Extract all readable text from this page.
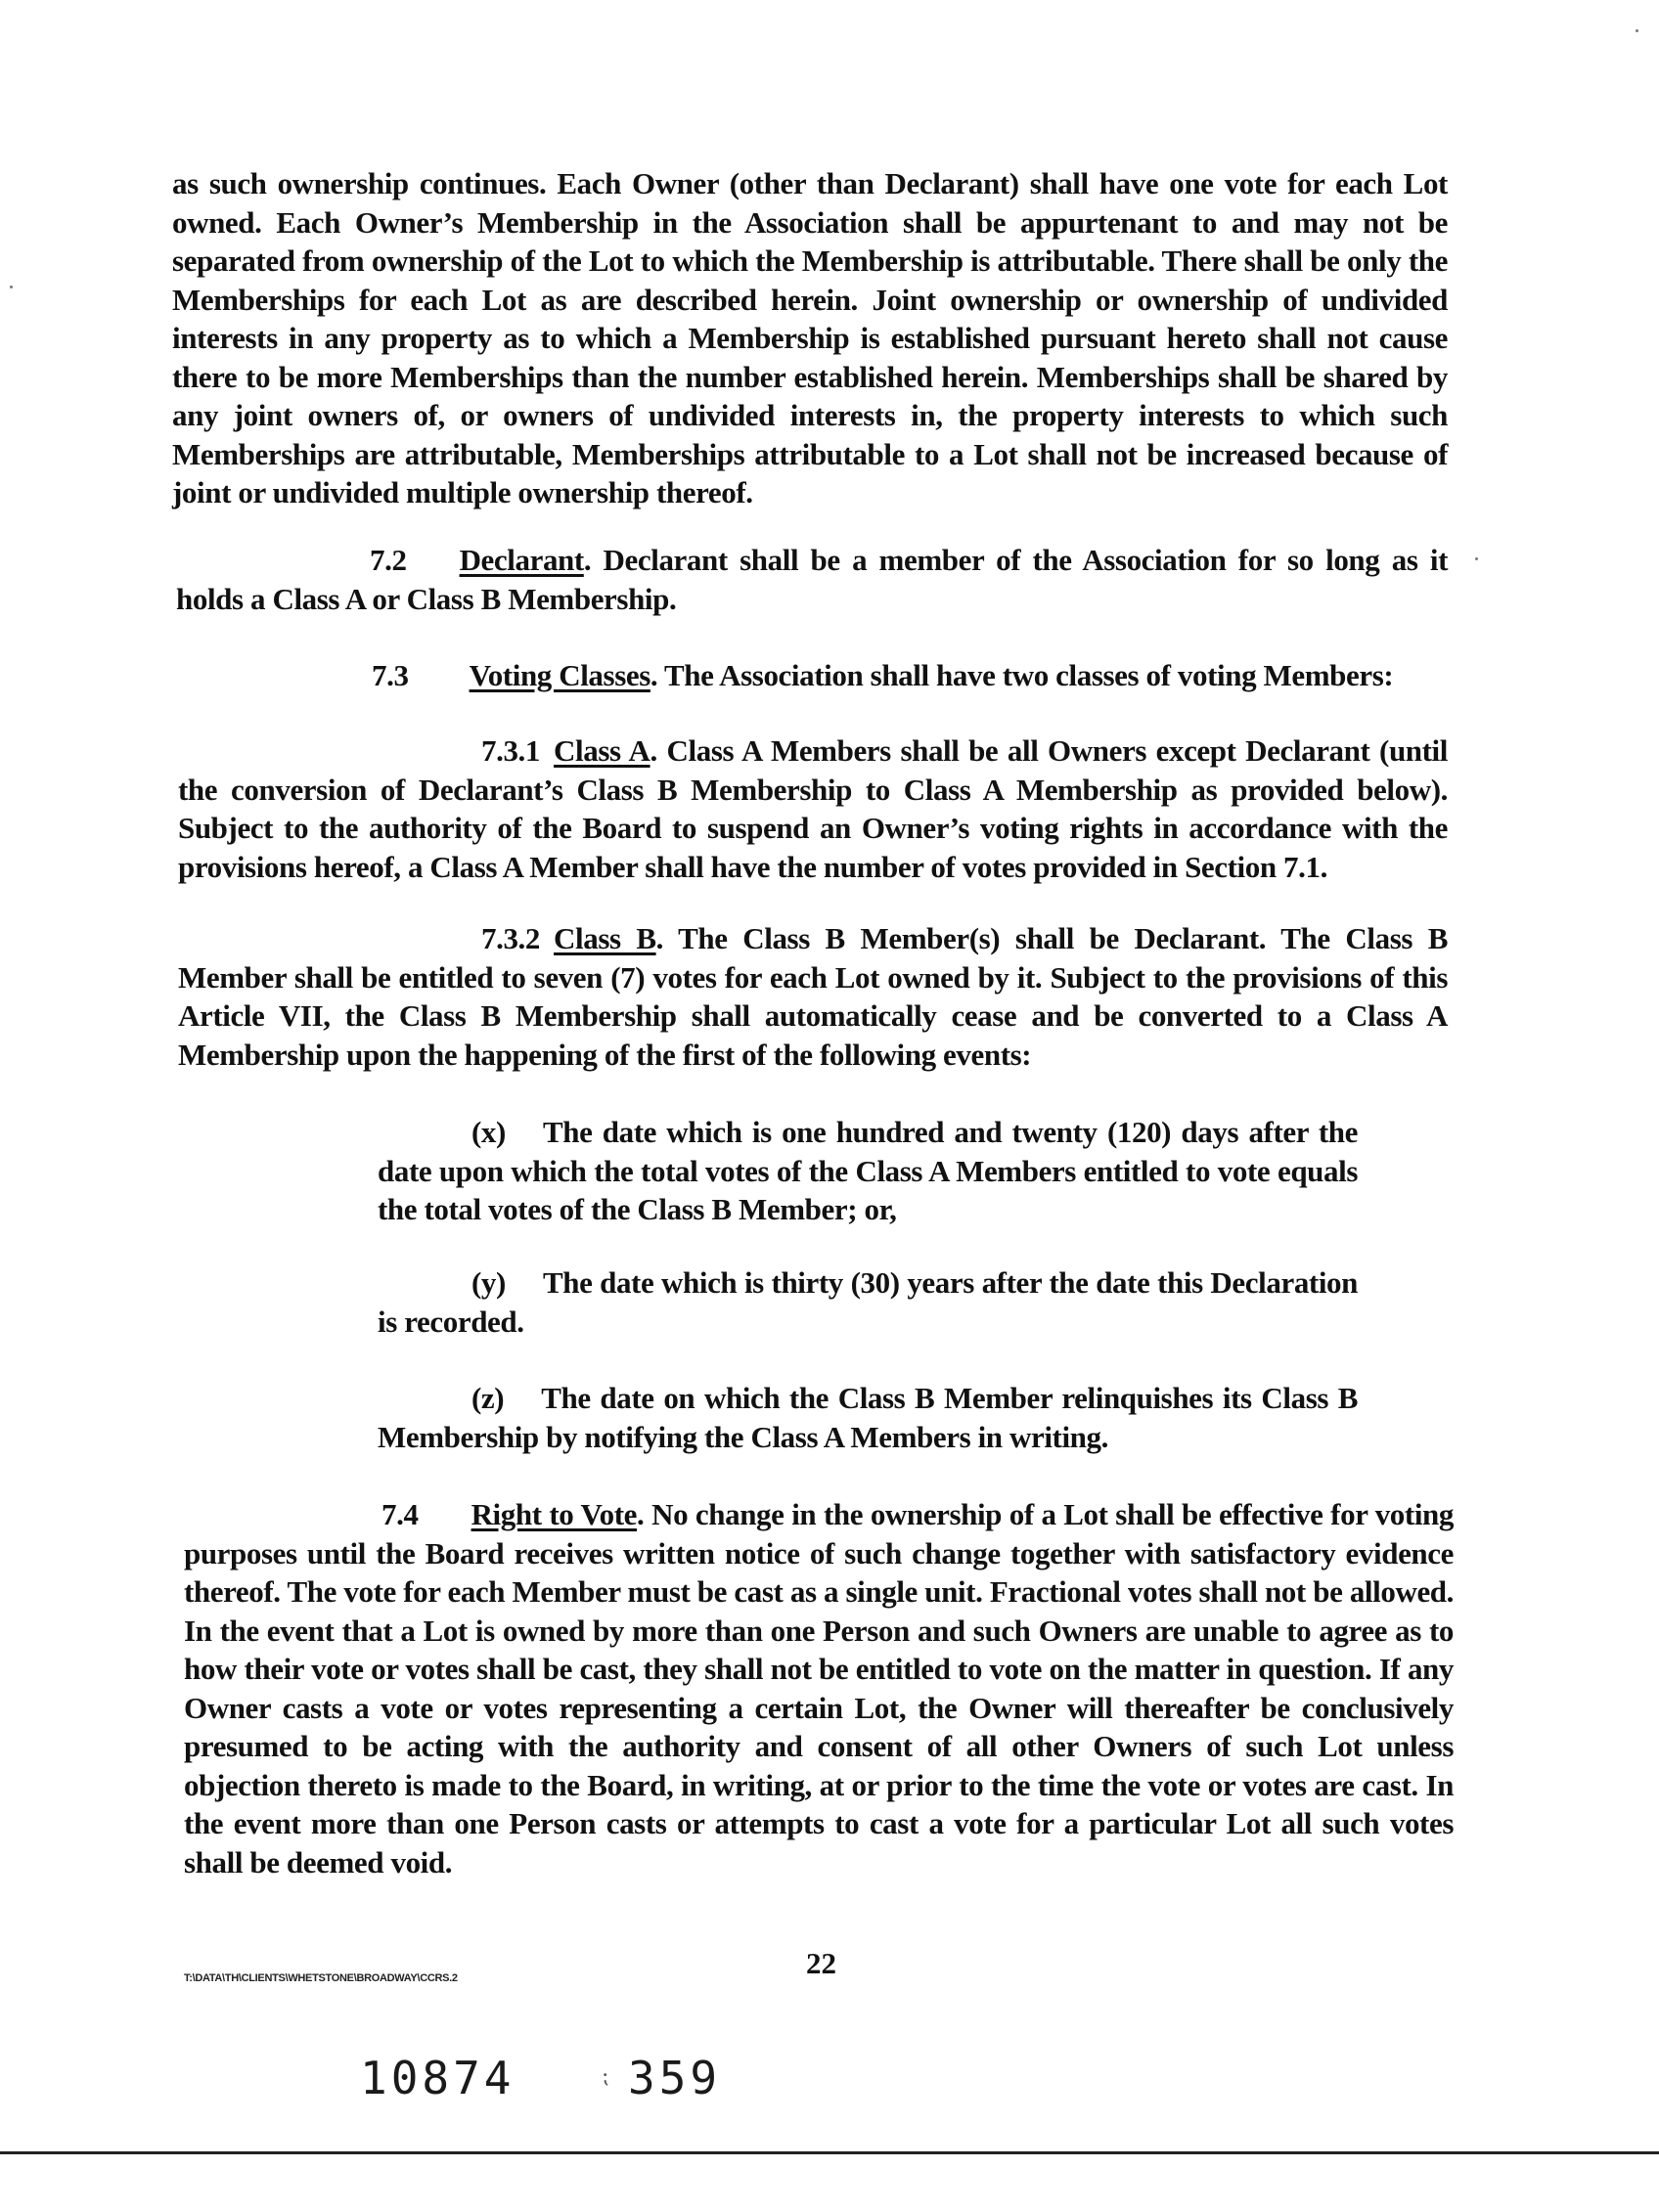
as such ownership continues. Each Owner (other than Declarant) shall have one vote for each Lot owned. Each Owner’s Membership in the Association shall be appurtenant to and may not be separated from ownership of the Lot to which the Membership is attributable. There shall be only the Memberships for each Lot as are described herein. Joint ownership or ownership of undivided interests in any property as to which a Membership is established pursuant hereto shall not cause there to be more Memberships than the number established herein. Memberships shall be shared by any joint owners of, or owners of undivided interests in, the property interests to which such Memberships are attributable, Memberships attributable to a Lot shall not be increased because of joint or undivided multiple ownership thereof.

7.2 Declarant. Declarant shall be a member of the Association for so long as it holds a Class A or Class B Membership.

7.3 Voting Classes. The Association shall have two classes of voting Members:

7.3.1 Class A. Class A Members shall be all Owners except Declarant (until the conversion of Declarant’s Class B Membership to Class A Membership as provided below). Subject to the authority of the Board to suspend an Owner’s voting rights in accordance with the provisions hereof, a Class A Member shall have the number of votes provided in Section 7.1.

7.3.2 Class B. The Class B Member(s) shall be Declarant. The Class B Member shall be entitled to seven (7) votes for each Lot owned by it. Subject to the provisions of this Article VII, the Class B Membership shall automatically cease and be converted to a Class A Membership upon the happening of the first of the following events:

(x) The date which is one hundred and twenty (120) days after the date upon which the total votes of the Class A Members entitled to vote equals the total votes of the Class B Member; or,

(y) The date which is thirty (30) years after the date this Declaration is recorded.

(z) The date on which the Class B Member relinquishes its Class B Membership by notifying the Class A Members in writing.

7.4 Right to Vote. No change in the ownership of a Lot shall be effective for voting purposes until the Board receives written notice of such change together with satisfactory evidence thereof. The vote for each Member must be cast as a single unit. Fractional votes shall not be allowed. In the event that a Lot is owned by more than one Person and such Owners are unable to agree as to how their vote or votes shall be cast, they shall not be entitled to vote on the matter in question. If any Owner casts a vote or votes representing a certain Lot, the Owner will thereafter be conclusively presumed to be acting with the authority and consent of all other Owners of such Lot unless objection thereto is made to the Board, in writing, at or prior to the time the vote or votes are cast. In the event more than one Person casts or attempts to cast a vote for a particular Lot all such votes shall be deemed void.

T:\DATA\TH\CLIENTS\WHETSTONE\BROADWAY\CCRS.2	22
10874	⁏ 359
